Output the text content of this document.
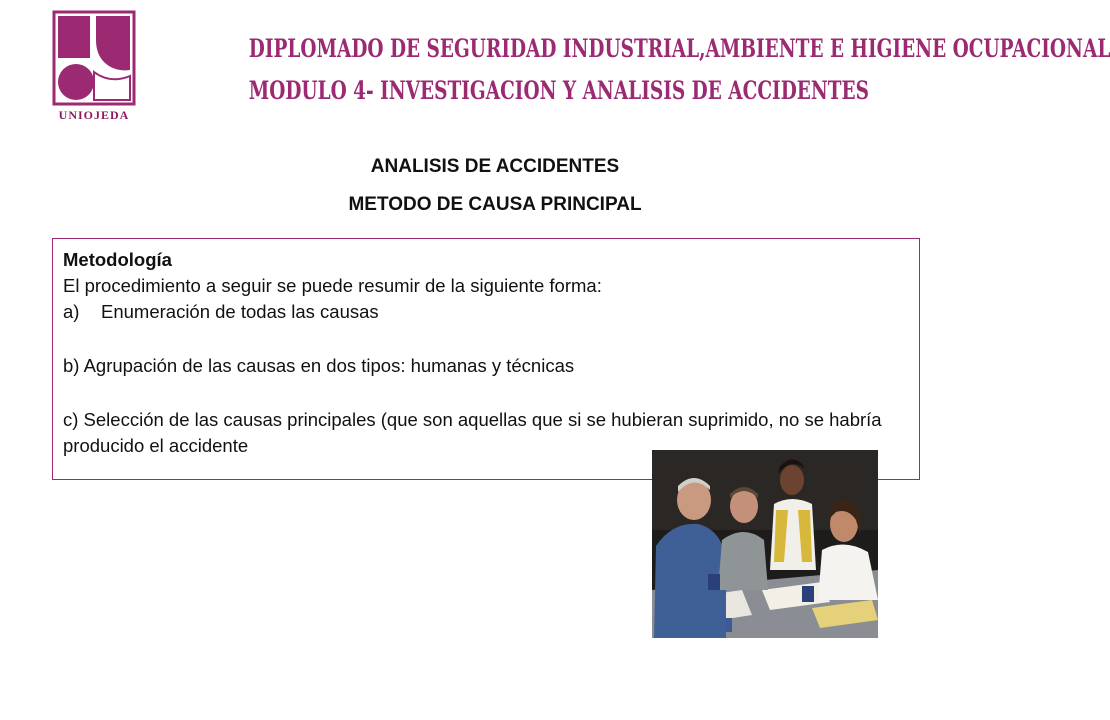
UNIOJEDA
DIPLOMADO DE SEGURIDAD INDUSTRIAL,AMBIENTE E HIGIENE OCUPACIONAL
MODULO 4- INVESTIGACION Y ANALISIS DE ACCIDENTES
ANALISIS DE ACCIDENTES
METODO DE CAUSA PRINCIPAL

Metodología

El procedimiento a seguir se puede resumir de la siguiente forma:

a)	Enumeración de todas las causas

b) Agrupación de las causas en dos tipos: humanas y técnicas

c) Selección de las causas principales (que son aquellas que si se hubieran suprimido, no se habría producido el accidente
